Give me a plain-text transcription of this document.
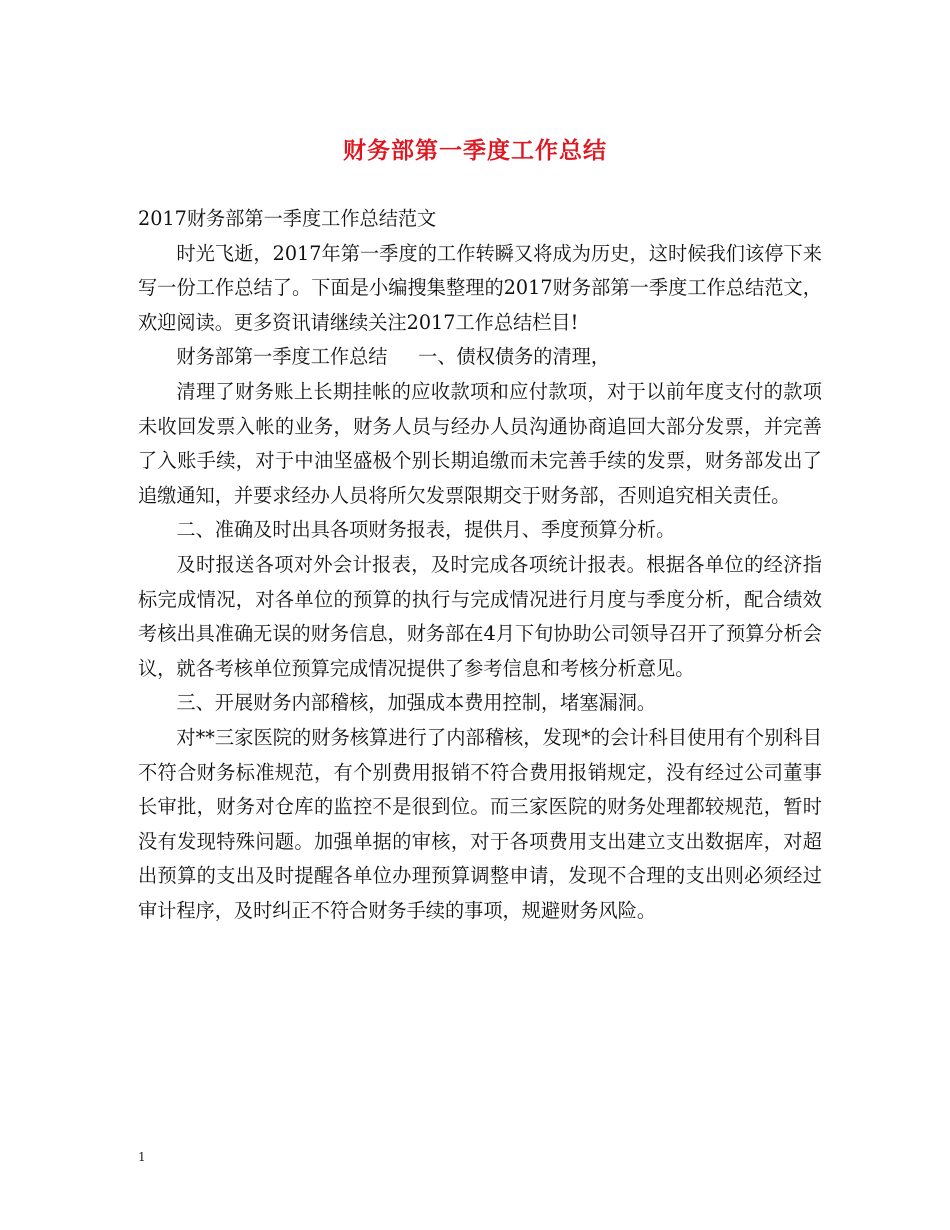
财务部第一季度工作总结

2017财务部第一季度工作总结范文

时光飞逝，2017年第一季度的工作转瞬又将成为历史，这时候我们该停下来写一份工作总结了。下面是小编搜集整理的2017财务部第一季度工作总结范文，欢迎阅读。更多资讯请继续关注2017工作总结栏目!

财务部第一季度工作总结 一、债权债务的清理，

清理了财务账上长期挂帐的应收款项和应付款项，对于以前年度支付的款项未收回发票入帐的业务，财务人员与经办人员沟通协商追回大部分发票，并完善了入账手续，对于中油坚盛极个别长期追缴而未完善手续的发票，财务部发出了追缴通知，并要求经办人员将所欠发票限期交于财务部，否则追究相关责任。

二、准确及时出具各项财务报表，提供月、季度预算分析。

及时报送各项对外会计报表，及时完成各项统计报表。根据各单位的经济指标完成情况，对各单位的预算的执行与完成情况进行月度与季度分析，配合绩效考核出具准确无误的财务信息，财务部在4月下旬协助公司领导召开了预算分析会议，就各考核单位预算完成情况提供了参考信息和考核分析意见。

三、开展财务内部稽核，加强成本费用控制，堵塞漏洞。

对**三家医院的财务核算进行了内部稽核，发现*的会计科目使用有个别科目不符合财务标准规范，有个别费用报销不符合费用报销规定，没有经过公司董事长审批，财务对仓库的监控不是很到位。而三家医院的财务处理都较规范，暂时没有发现特殊问题。加强单据的审核，对于各项费用支出建立支出数据库，对超出预算的支出及时提醒各单位办理预算调整申请，发现不合理的支出则必须经过审计程序，及时纠正不符合财务手续的事项，规避财务风险。

1
